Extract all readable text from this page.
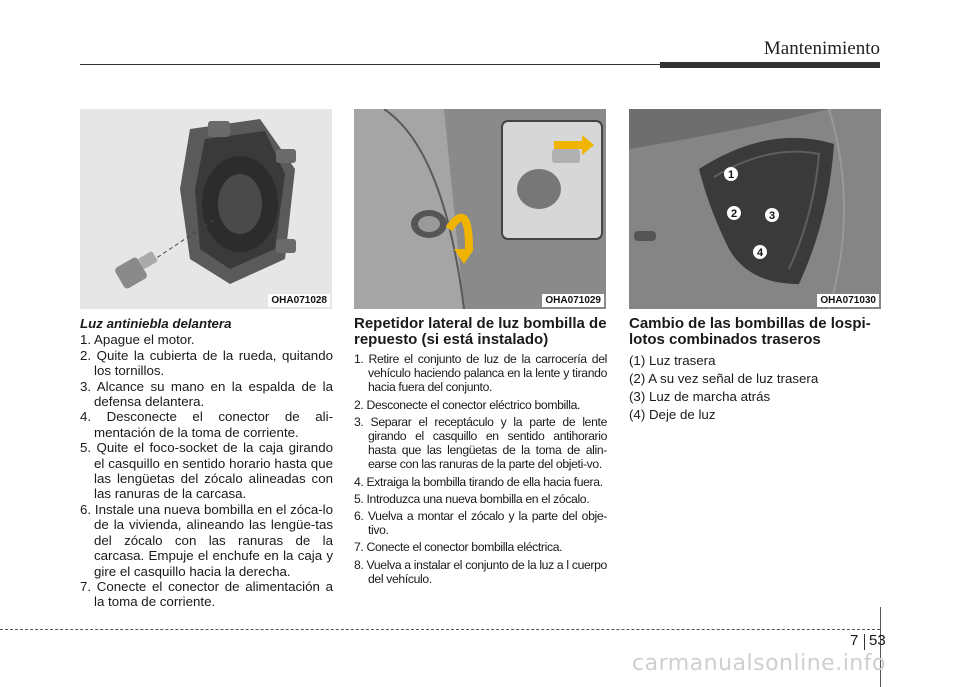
Mantenimiento
OHA071028	OHA071029
1
2	3
4
OHA071030
Luz antiniebla delantera
1. Apague el motor.
2. Quite la cubierta de la rueda, quitando los tornillos.
3. Alcance su mano en la espalda de la defensa delantera.
4. Desconecte el conector de ali-mentación de la toma de corriente.
5. Quite el foco-socket de la caja girando el casquillo en sentido horario hasta que las lengüetas del zócalo alineadas con las ranuras de la carcasa.
6. Instale una nueva bombilla en el zóca-lo de la vivienda, alineando las lengüe-tas del zócalo con las ranuras de la carcasa. Empuje el enchufe en la caja y gire el casquillo hacia la derecha.
7. Conecte el conector de alimentación a la toma de corriente.
Repetidor lateral de luz bombilla de repuesto (si está instalado)
1. Retire el conjunto de luz de la carrocería del vehículo haciendo palanca en la lente y tirando hacia fuera del conjunto.
2. Desconecte el conector eléctrico bombilla.
3. Separar el receptáculo y la parte de lente girando el casquillo en sentido antihorario hasta que las lengüetas de la toma de alin-earse con las ranuras de la parte del objeti-vo.
4. Extraiga la bombilla tirando de ella hacia fuera.
5. Introduzca una nueva bombilla en el zócalo.
6. Vuelva a montar el zócalo y la parte del obje-tivo.
7. Conecte el conector bombilla eléctrica.
8. Vuelva a instalar el conjunto de la luz a l cuerpo del vehículo.
Cambio de las bombillas de lospi-lotos combinados traseros
(1) Luz trasera
(2) A su vez señal de luz trasera
(3) Luz de marcha atrás
(4) Deje de luz
7 53
carmanualsonline.info
